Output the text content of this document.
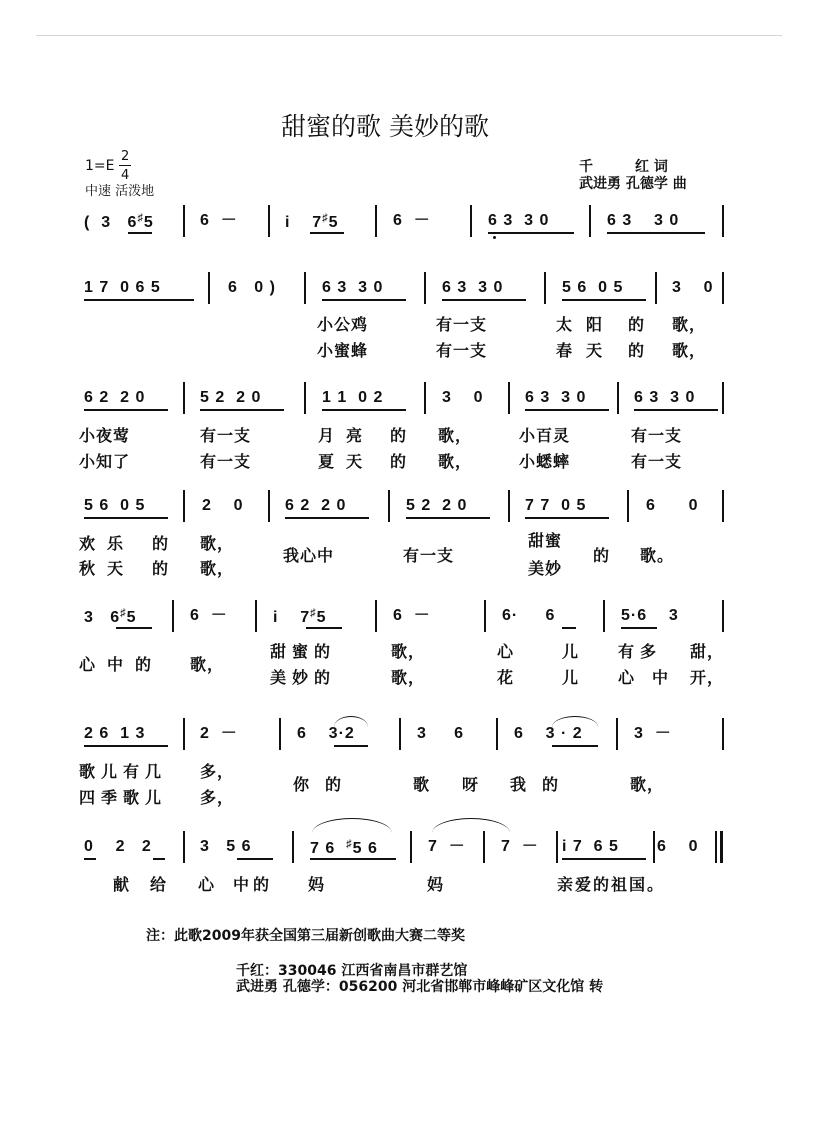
甜蜜的歌 美妙的歌
1=E
2
4
中速 活泼地
千　　　红 词
武进勇 孔德学 曲
(  3   6♯5	6  －	i    7♯5	6  －	6 3  3 0	6 3    3 0
1 7  0 6 5	6   0 )	6 3  3 0	6 3  3 0	5 6  0 5	3    0
小公鸡	有一支	太阳 的 歌，
小蜜蜂	有一支	春天 的 歌，
6 2  2 0	5 2  2 0	1 1  0 2	3    0	6 3  3 0	6 3  3 0
小夜莺	有一支	月亮 的 歌，	小百灵	有一支
小知了	有一支	夏天 的 歌，	小蟋蟀	有一支
5 6  0 5	2    0	6 2  2 0	5 2  2 0	7 7  0 5	6      0
欢乐 的 歌，	甜蜜
我心中	有一支	的 歌。
秋天 的 歌，	美妙
3   6♯5	6  －	i    7♯5	6  －	6·     6	5·6    3
甜蜜的	歌，	心	儿 有多 甜，
心中的 歌，
美妙的	歌，	花	儿 心中 开，
2 6  1 3	2  －	6    3·2	3     6	6    3 · 2	3  －
歌儿有几 多，
你的	歌 呀 我的	歌，
四季歌儿 多，
0    2   2	3   5 6	7 6  ♯5 6	7  － 7  － i 7  6 5 6    0
献 给 心 中的 妈	妈	亲爱的祖国。
注：此歌2009年获全国第三届新创歌曲大赛二等奖
千红：330046 江西省南昌市群艺馆
武进勇 孔德学：056200 河北省邯郸市峰峰矿区文化馆 转
